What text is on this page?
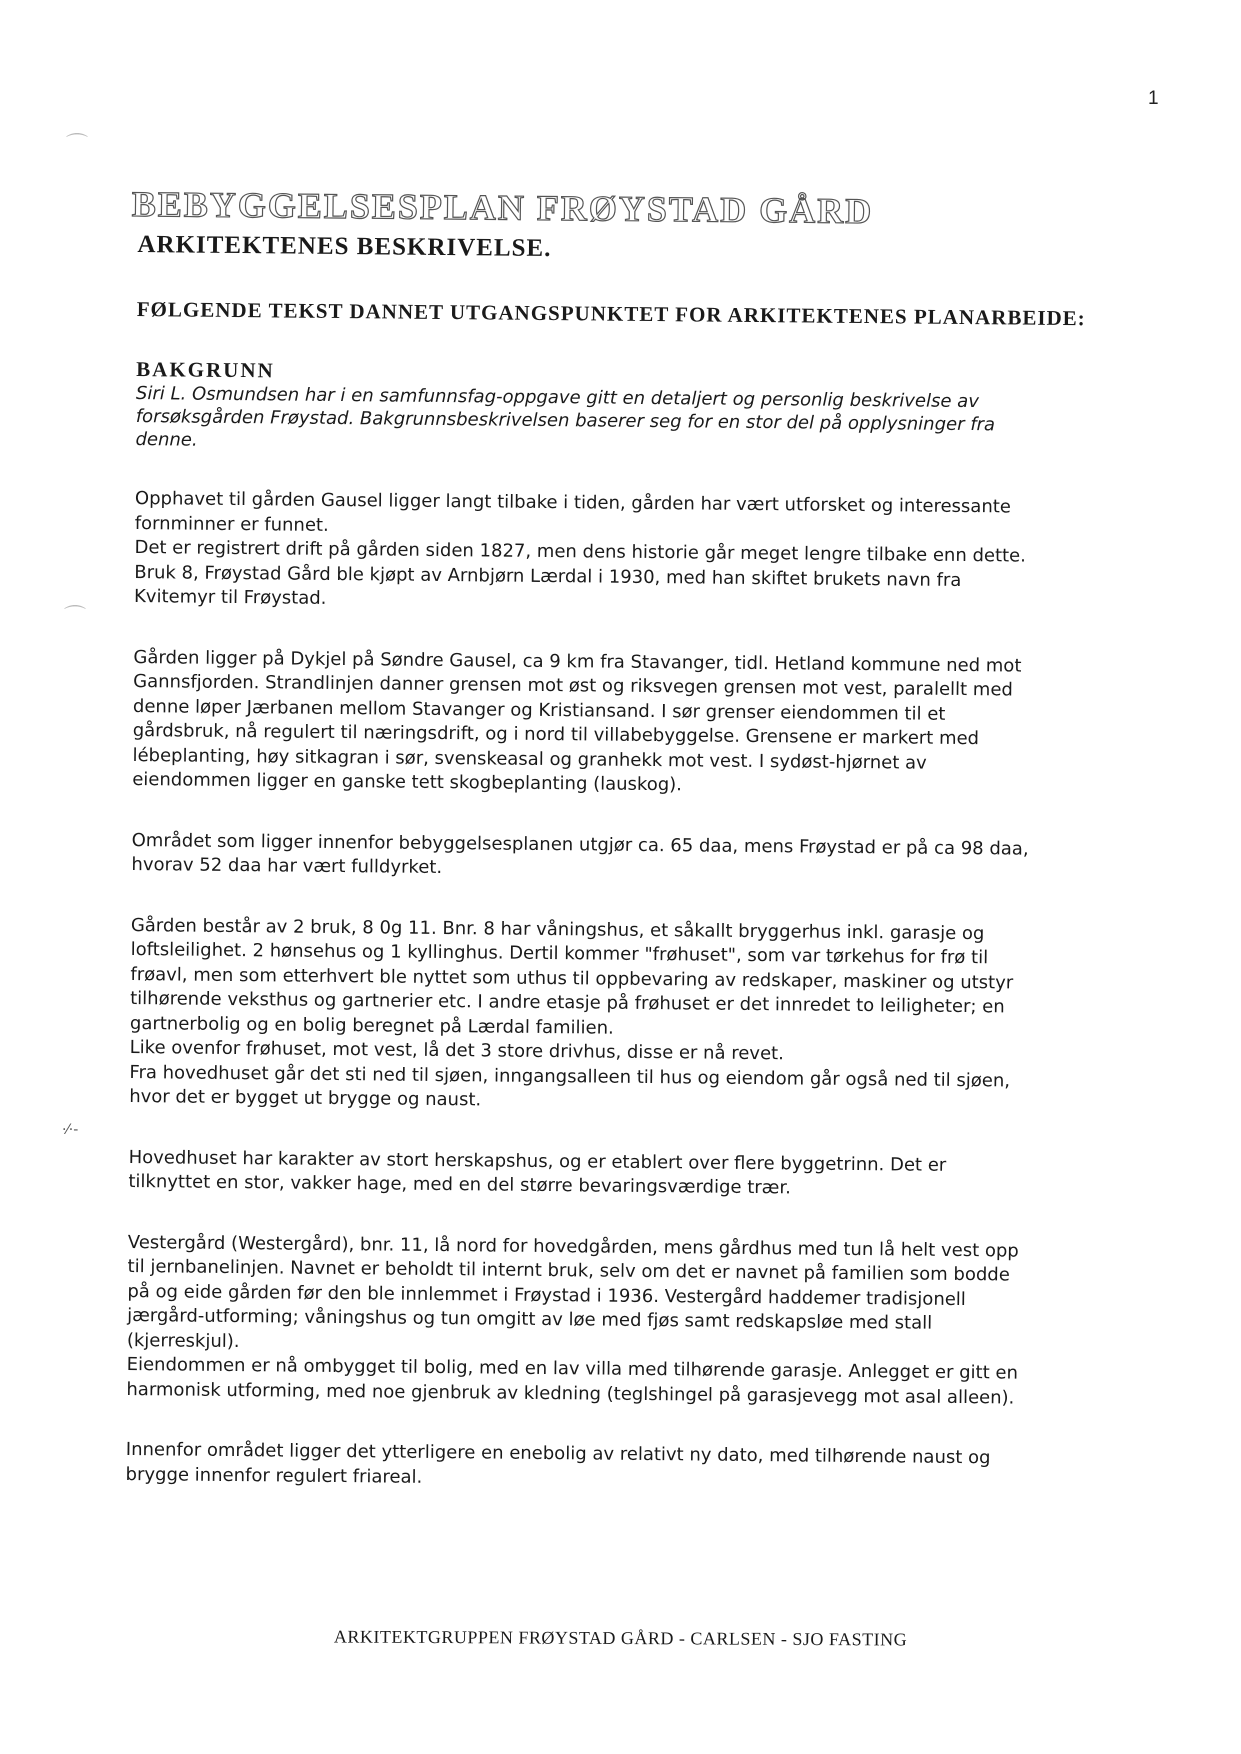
⌒
⌒
·⁄·-
1
BEBYGGELSESPLAN FRØYSTAD GÅRD
ARKITEKTENES BESKRIVELSE.
FØLGENDE TEKST DANNET UTGANGSPUNKTET FOR ARKITEKTENES PLANARBEIDE:
BAKGRUNN

Siri L. Osmundsen har i en samfunnsfag-oppgave gitt en detaljert og personlig beskrivelse av
forsøksgården Frøystad. Bakgrunnsbeskrivelsen baserer seg for en stor del på opplysninger fra
denne.

Opphavet til gården Gausel ligger langt tilbake i tiden, gården har vært utforsket og interessante
fornminner er funnet.
Det er registrert drift på gården siden 1827, men dens historie går meget lengre tilbake enn dette.
Bruk 8, Frøystad Gård ble kjøpt av Arnbjørn Lærdal i 1930, med han skiftet brukets navn fra
Kvitemyr til Frøystad.

Gården ligger på Dykjel på Søndre Gausel, ca 9 km fra Stavanger, tidl. Hetland kommune ned mot
Gannsfjorden. Strandlinjen danner grensen mot øst og riksvegen grensen mot vest, paralellt med
denne løper Jærbanen mellom Stavanger og Kristiansand. I sør grenser eiendommen til et
gårdsbruk, nå regulert til næringsdrift, og i nord til villabebyggelse. Grensene er markert med
lébeplanting, høy sitkagran i sør, svenskeasal og granhekk mot vest. I sydøst-hjørnet av
eiendommen ligger en ganske tett skogbeplanting (lauskog).

Området som ligger innenfor bebyggelsesplanen utgjør ca. 65 daa, mens Frøystad er på ca 98 daa,
hvorav 52 daa har vært fulldyrket.

Gården består av 2 bruk, 8 0g 11. Bnr. 8 har våningshus, et såkallt bryggerhus inkl. garasje og
loftsleilighet. 2 hønsehus og 1 kyllinghus. Dertil kommer "frøhuset", som var tørkehus for frø til
frøavl, men som etterhvert ble nyttet som uthus til oppbevaring av redskaper, maskiner og utstyr
tilhørende veksthus og gartnerier etc. I andre etasje på frøhuset er det innredet to leiligheter; en
gartnerbolig og en bolig beregnet på Lærdal familien.
Like ovenfor frøhuset, mot vest, lå det 3 store drivhus, disse er nå revet.
Fra hovedhuset går det sti ned til sjøen, inngangsalleen til hus og eiendom går også ned til sjøen,
hvor det er bygget ut brygge og naust.

Hovedhuset har karakter av stort herskapshus, og er etablert over flere byggetrinn. Det er
tilknyttet en stor, vakker hage, med en del større bevaringsværdige trær.

Vestergård (Westergård), bnr. 11, lå nord for hovedgården, mens gårdhus med tun lå helt vest opp
til jernbanelinjen. Navnet er beholdt til internt bruk, selv om det er navnet på familien som bodde
på og eide gården før den ble innlemmet i Frøystad i 1936. Vestergård haddemer tradisjonell
jærgård-utforming; våningshus og tun omgitt av løe med fjøs samt redskapsløe med stall
(kjerreskjul).
Eiendommen er nå ombygget til bolig, med en lav villa med tilhørende garasje. Anlegget er gitt en
harmonisk utforming, med noe gjenbruk av kledning (teglshingel på garasjevegg mot asal alleen).

Innenfor området ligger det ytterligere en enebolig av relativt ny dato, med tilhørende naust og
brygge innenfor regulert friareal.

ARKITEKTGRUPPEN FRØYSTAD GÅRD - CARLSEN - SJO FASTING
